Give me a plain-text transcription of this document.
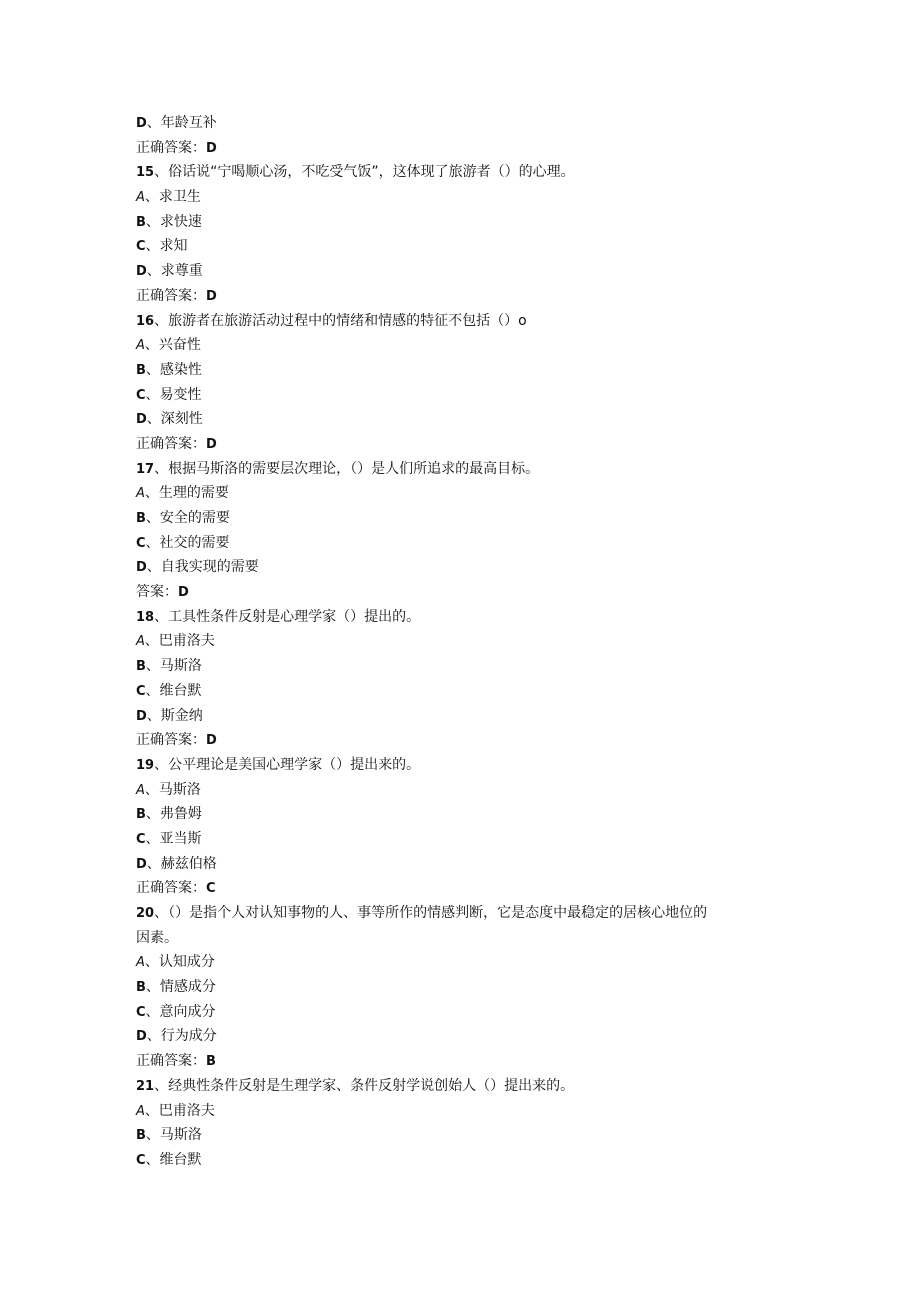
D、年龄互补
正确答案：D
15、俗话说“宁喝顺心汤，不吃受气饭”，这体现了旅游者（）的心理。
A、求卫生
B、求快速
C、求知
D、求尊重
正确答案：D
16、旅游者在旅游活动过程中的情绪和情感的特征不包括（）o
A、兴奋性
B、感染性
C、易变性
D、深刻性
正确答案：D
17、根据马斯洛的需要层次理论，（）是人们所追求的最高目标。
A、生理的需要
B、安全的需要
C、社交的需要
D、自我实现的需要
答案：D
18、工具性条件反射是心理学家（）提出的。
A、巴甫洛夫
B、马斯洛
C、维台默
D、斯金纳
正确答案：D
19、公平理论是美国心理学家（）提出来的。
A、马斯洛
B、弗鲁姆
C、亚当斯
D、赫兹伯格
正确答案：C
20、（）是指个人对认知事物的人、事等所作的情感判断，它是态度中最稳定的居核心地位的
因素。
A、认知成分
B、情感成分
C、意向成分
D、行为成分
正确答案：B
21、经典性条件反射是生理学家、条件反射学说创始人（）提出来的。
A、巴甫洛夫
B、马斯洛
C、维台默
